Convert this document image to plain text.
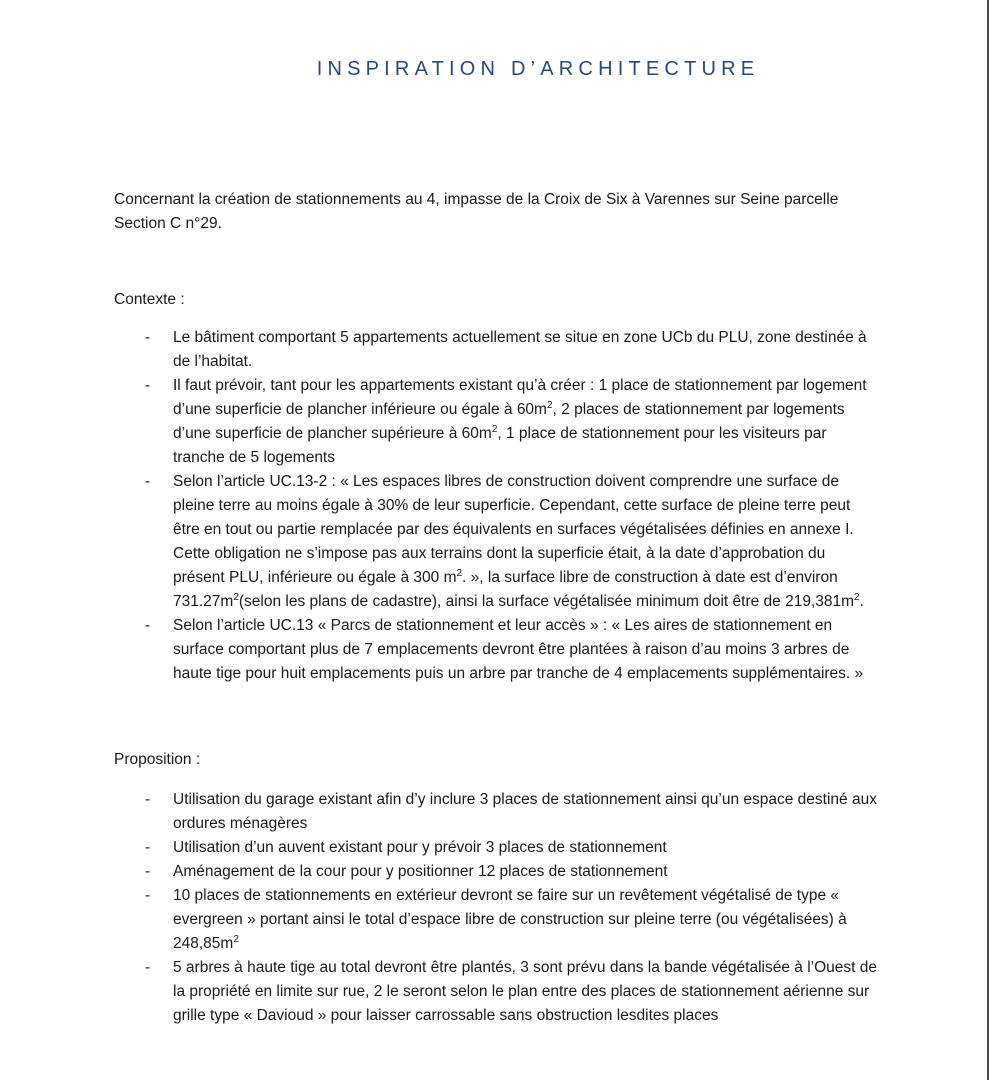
INSPIRATION D’ARCHITECTURE
Concernant la création de stationnements au 4, impasse de la Croix de Six à Varennes sur Seine parcelle Section C n°29.
Contexte :
- Le bâtiment comportant 5 appartements actuellement se situe en zone UCb du PLU, zone destinée à de l’habitat.
- Il faut prévoir, tant pour les appartements existant qu’à créer : 1 place de stationnement par logement d’une superficie de plancher inférieure ou égale à $60m^2$, 2 places de stationnement par logements d’une superficie de plancher supérieure à $60m^2$, 1 place de stationnement pour les visiteurs par tranche de 5 logements
- Selon l’article UC.13-2 : « Les espaces libres de construction doivent comprendre une surface de pleine terre au moins égale à 30% de leur superficie. Cependant, cette surface de pleine terre peut être en tout ou partie remplacée par des équivalents en surfaces végétalisées définies en annexe I. Cette obligation ne s’impose pas aux terrains dont la superficie était, à la date d’approbation du présent PLU, inférieure ou égale à 300 $m^2$. », la surface libre de construction à date est d’environ $731.27m^2(selon$ les plans de cadastre), ainsi la surface végétalisée minimum doit être de $219,381m^2$.
- Selon l’article UC.13 « Parcs de stationnement et leur accès » : « Les aires de stationnement en surface comportant plus de 7 emplacements devront être plantées à raison d’au moins 3 arbres de haute tige pour huit emplacements puis un arbre par tranche de 4 emplacements supplémentaires. »
Proposition :
- Utilisation du garage existant afin d’y inclure 3 places de stationnement ainsi qu’un espace destiné aux ordures ménagères
- Utilisation d’un auvent existant pour y prévoir 3 places de stationnement
- Aménagement de la cour pour y positionner 12 places de stationnement
- 10 places de stationnements en extérieur devront se faire sur un revêtement végétalisé de type « evergreen » portant ainsi le total d’espace libre de construction sur pleine terre (ou végétalisées) à $248,85m^2$
- 5 arbres à haute tige au total devront être plantés, 3 sont prévu dans la bande végétalisée à l’Ouest de la propriété en limite sur rue, 2 le seront selon le plan entre des places de stationnement aérienne sur grille type « Davioud » pour laisser carrossable sans obstruction lesdites places
